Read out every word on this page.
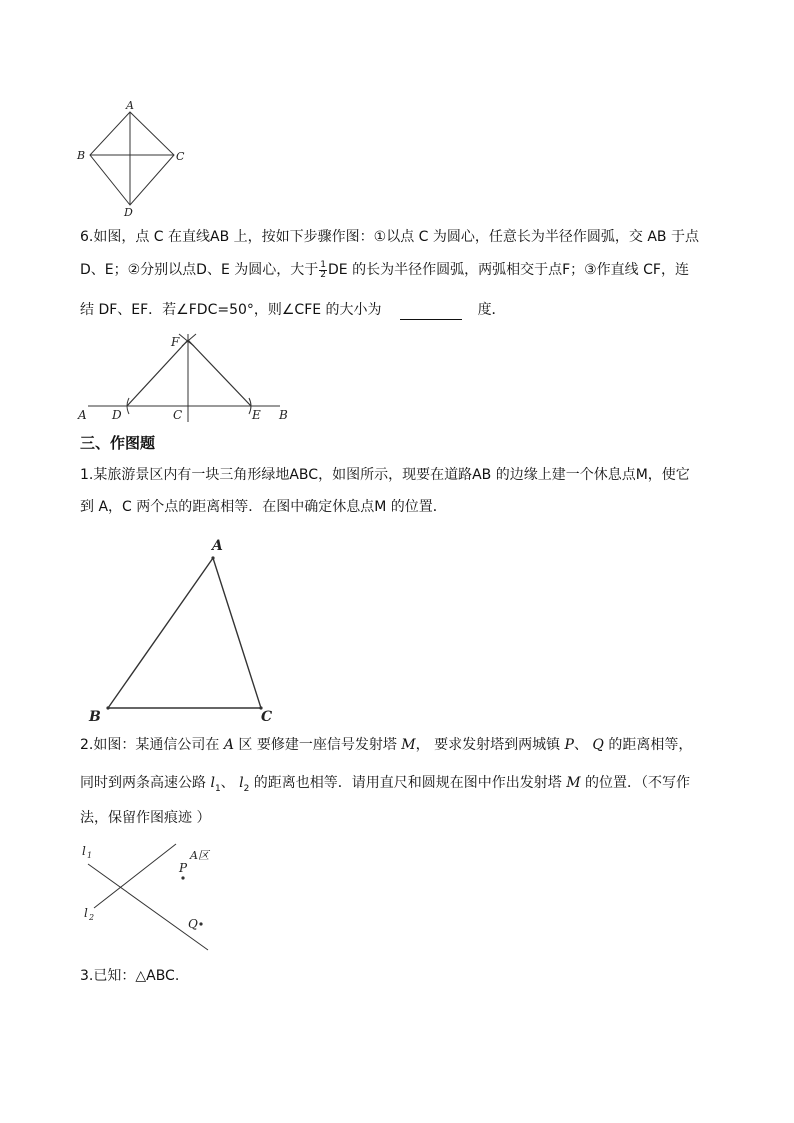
A
B	C
D
6.如图，点 C 在直线AB 上，按如下步骤作图：①以点 C 为圆心，任意长为半径作圆弧，交 AB 于点
D、E；②分别以点D、E 为圆心，大于 $\frac{1}{2}$ DE 的长为半径作圆弧，两弧相交于点F；③作直线 CF，连
结 DF、EF．若∠FDC=50°，则∠CFE 的大小为	度．
F
A D	C	E B
三、作图题
1.某旅游景区内有一块三角形绿地ABC，如图所示，现要在道路AB 的边缘上建一个休息点M，使它
到 A，C 两个点的距离相等．在图中确定休息点M 的位置．
A
B	C
2.如图：某通信公司在 A 区 要修建一座信号发射塔 M， 要求发射塔到两城镇 P、 Q 的距离相等，
同时到两条高速公路 $l_1$、 $l_2$ 的距离也相等．请用直尺和圆规在图中作出发射塔 M 的位置．（不写作
法，保留作图痕迹 ）
l 1
l 2
A区
P
Q
3.已知：△ABC.
